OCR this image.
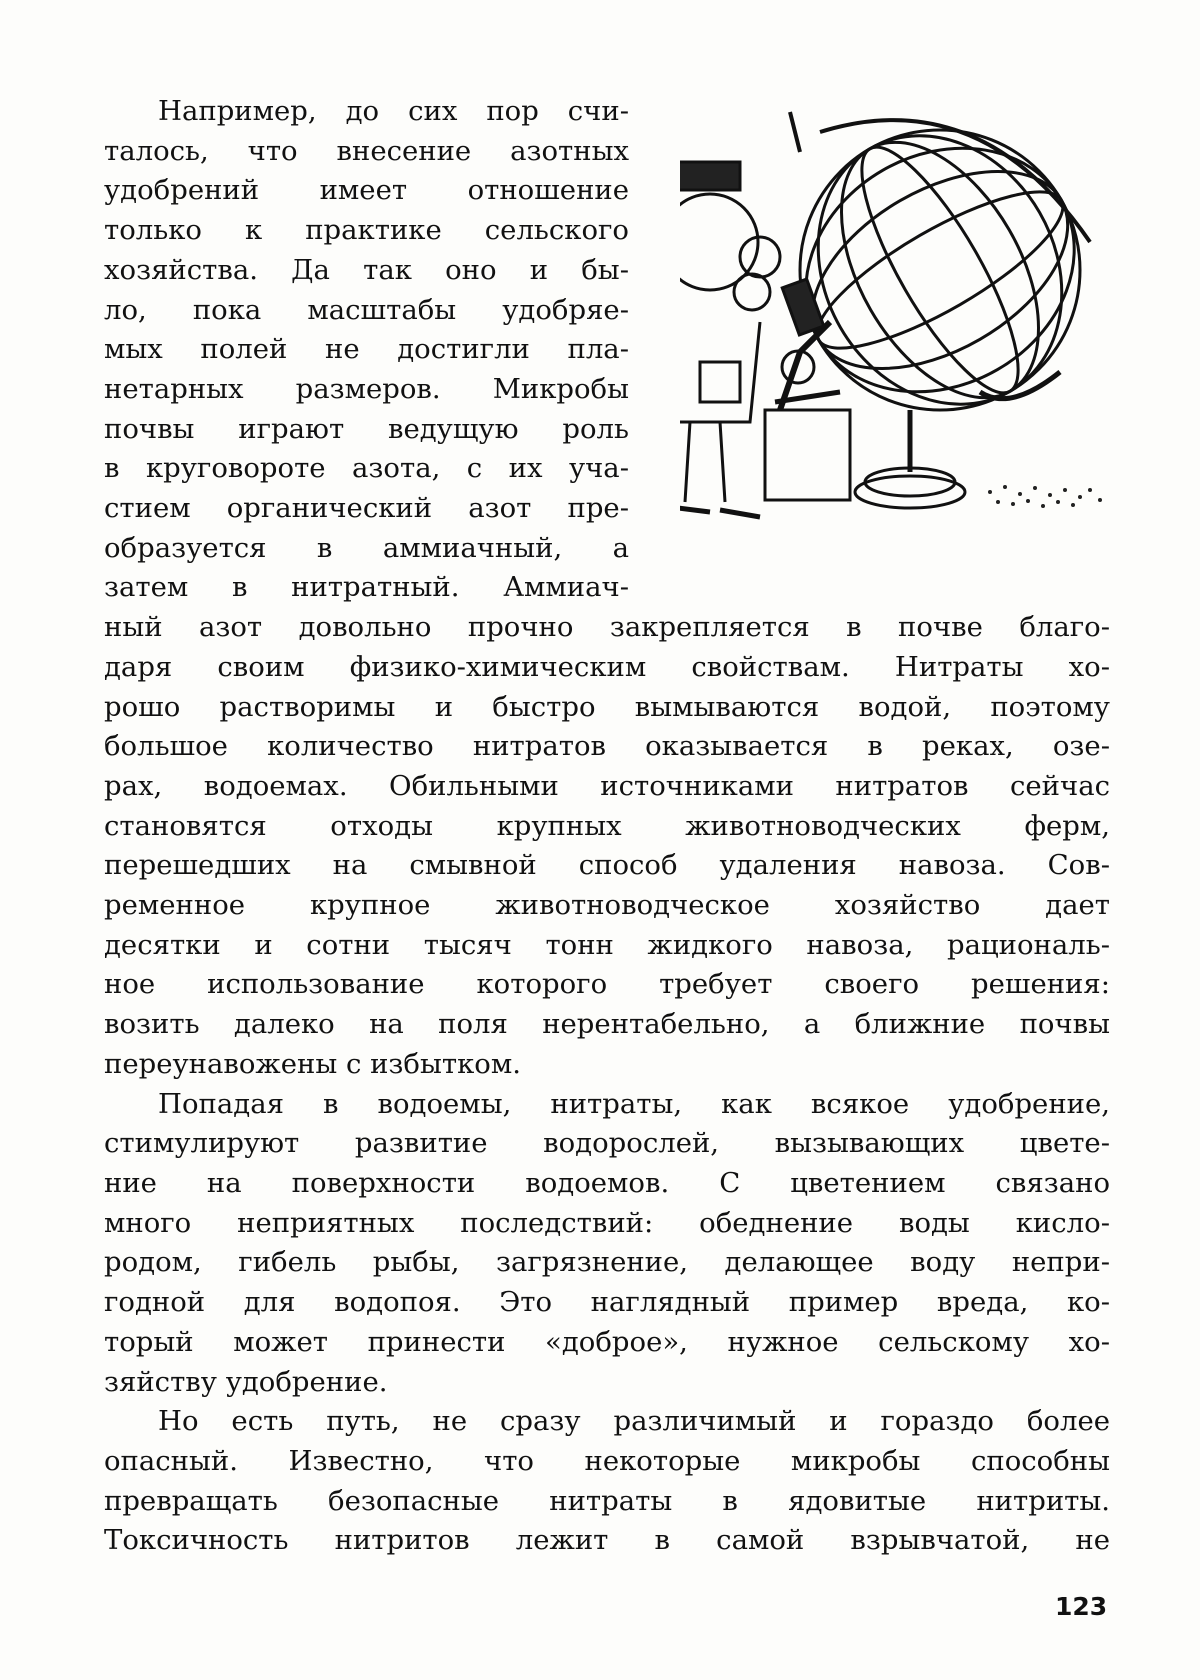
Например, до сих пор счи-
талось, что внесение азотных
удобрений имеет отношение
только к практике сельского
хозяйства. Да так оно и бы-
ло, пока масштабы удобряе-
мых полей не достигли пла-
нетарных размеров. Микробы
почвы играют ведущую роль
в круговороте азота, с их уча-
стием органический азот пре-
образуется в аммиачный, а
затем в нитратный. Аммиач-
ный азот довольно прочно закрепляется в почве благо-
даря своим физико-химическим свойствам. Нитраты хо-
рошо растворимы и быстро вымываются водой, поэтому
большое количество нитратов оказывается в реках, озе-
рах, водоемах. Обильными источниками нитратов сейчас
становятся отходы крупных животноводческих ферм,
перешедших на смывной способ удаления навоза. Сов-
ременное крупное животноводческое хозяйство дает
десятки и сотни тысяч тонн жидкого навоза, рациональ-
ное использование которого требует своего решения:
возить далеко на поля нерентабельно, а ближние почвы
переунавожены с избытком.

Попадая в водоемы, нитраты, как всякое удобрение,
стимулируют развитие водорослей, вызывающих цвете-
ние на поверхности водоемов. С цветением связано
много неприятных последствий: обеднение воды кисло-
родом, гибель рыбы, загрязнение, делающее воду непри-
годной для водопоя. Это наглядный пример вреда, ко-
торый может принести «доброе», нужное сельскому хо-
зяйству удобрение.

Но есть путь, не сразу различимый и гораздо более
опасный. Известно, что некоторые микробы способны
превращать безопасные нитраты в ядовитые нитриты.
Токсичность нитритов лежит в самой взрывчатой, не

123
